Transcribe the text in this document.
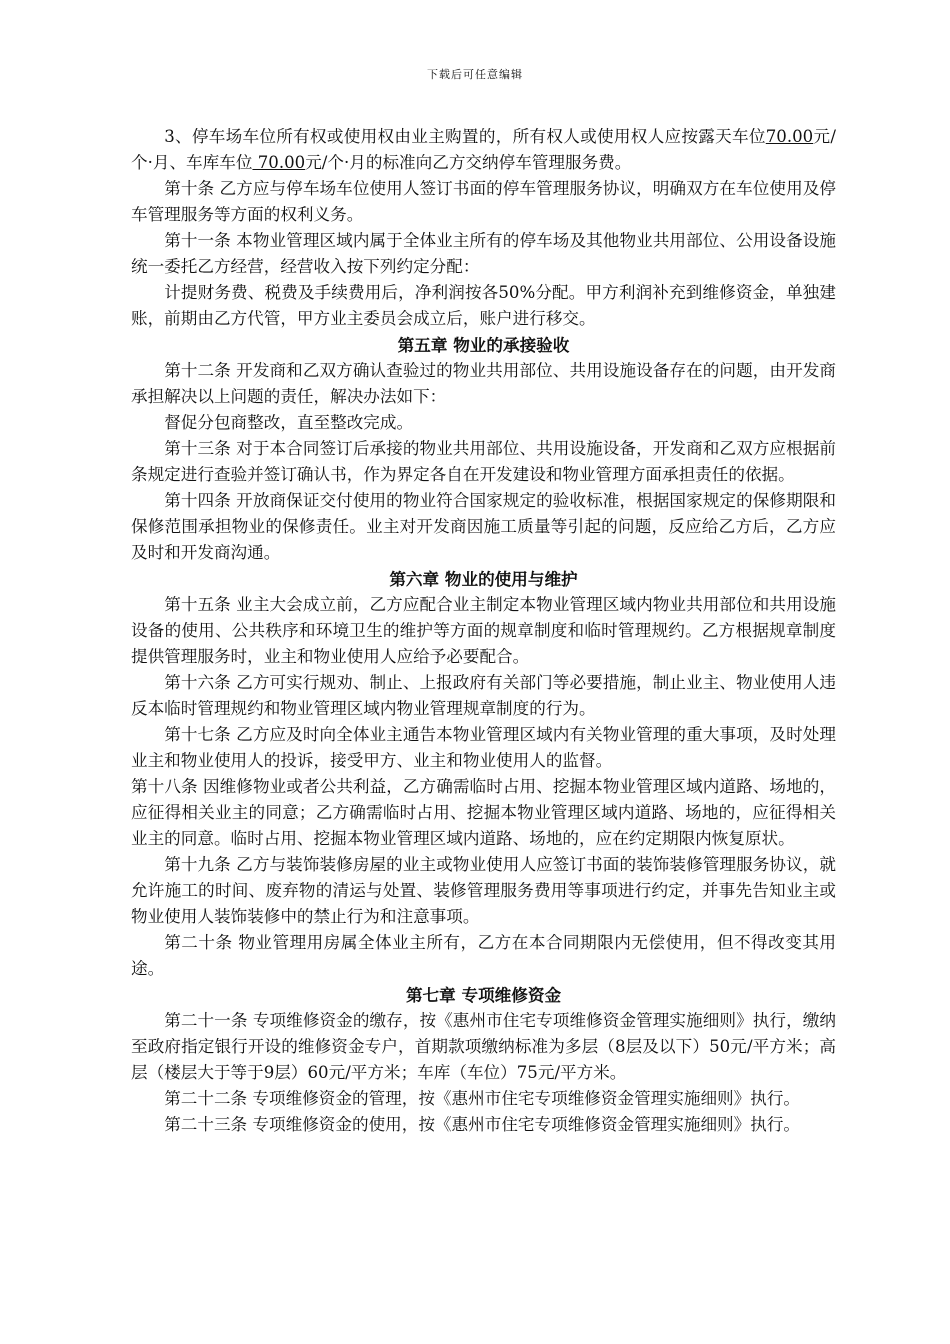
下载后可任意编辑

3、停车场车位所有权或使用权由业主购置的，所有权人或使用权人应按露天车位70.00元/个·月、车库车位 70.00元/个·月的标准向乙方交纳停车管理服务费。

第十条 乙方应与停车场车位使用人签订书面的停车管理服务协议，明确双方在车位使用及停车管理服务等方面的权利义务。

第十一条 本物业管理区域内属于全体业主所有的停车场及其他物业共用部位、公用设备设施统一委托乙方经营，经营收入按下列约定分配：

计提财务费、税费及手续费用后，净利润按各50%分配。甲方利润补充到维修资金，单独建账，前期由乙方代管，甲方业主委员会成立后，账户进行移交。

第五章 物业的承接验收

第十二条 开发商和乙双方确认查验过的物业共用部位、共用设施设备存在的问题，由开发商承担解决以上问题的责任，解决办法如下：

督促分包商整改，直至整改完成。

第十三条 对于本合同签订后承接的物业共用部位、共用设施设备，开发商和乙双方应根据前条规定进行查验并签订确认书，作为界定各自在开发建设和物业管理方面承担责任的依据。

第十四条 开放商保证交付使用的物业符合国家规定的验收标准，根据国家规定的保修期限和保修范围承担物业的保修责任。业主对开发商因施工质量等引起的问题，反应给乙方后，乙方应及时和开发商沟通。

第六章 物业的使用与维护

第十五条 业主大会成立前，乙方应配合业主制定本物业管理区域内物业共用部位和共用设施设备的使用、公共秩序和环境卫生的维护等方面的规章制度和临时管理规约。乙方根据规章制度提供管理服务时，业主和物业使用人应给予必要配合。

第十六条 乙方可实行规劝、制止、上报政府有关部门等必要措施，制止业主、物业使用人违反本临时管理规约和物业管理区域内物业管理规章制度的行为。

第十七条 乙方应及时向全体业主通告本物业管理区域内有关物业管理的重大事项，及时处理业主和物业使用人的投诉，接受甲方、业主和物业使用人的监督。

第十八条 因维修物业或者公共利益，乙方确需临时占用、挖掘本物业管理区域内道路、场地的，应征得相关业主的同意；乙方确需临时占用、挖掘本物业管理区域内道路、场地的，应征得相关业主的同意。临时占用、挖掘本物业管理区域内道路、场地的，应在约定期限内恢复原状。

第十九条 乙方与装饰装修房屋的业主或物业使用人应签订书面的装饰装修管理服务协议，就允许施工的时间、废弃物的清运与处置、装修管理服务费用等事项进行约定，并事先告知业主或物业使用人装饰装修中的禁止行为和注意事项。

第二十条 物业管理用房属全体业主所有，乙方在本合同期限内无偿使用，但不得改变其用途。

第七章 专项维修资金

第二十一条 专项维修资金的缴存，按《惠州市住宅专项维修资金管理实施细则》执行，缴纳至政府指定银行开设的维修资金专户，首期款项缴纳标准为多层（8层及以下）50元/平方米；高层（楼层大于等于9层）60元/平方米；车库（车位）75元/平方米。

第二十二条 专项维修资金的管理，按《惠州市住宅专项维修资金管理实施细则》执行。

第二十三条 专项维修资金的使用，按《惠州市住宅专项维修资金管理实施细则》执行。
